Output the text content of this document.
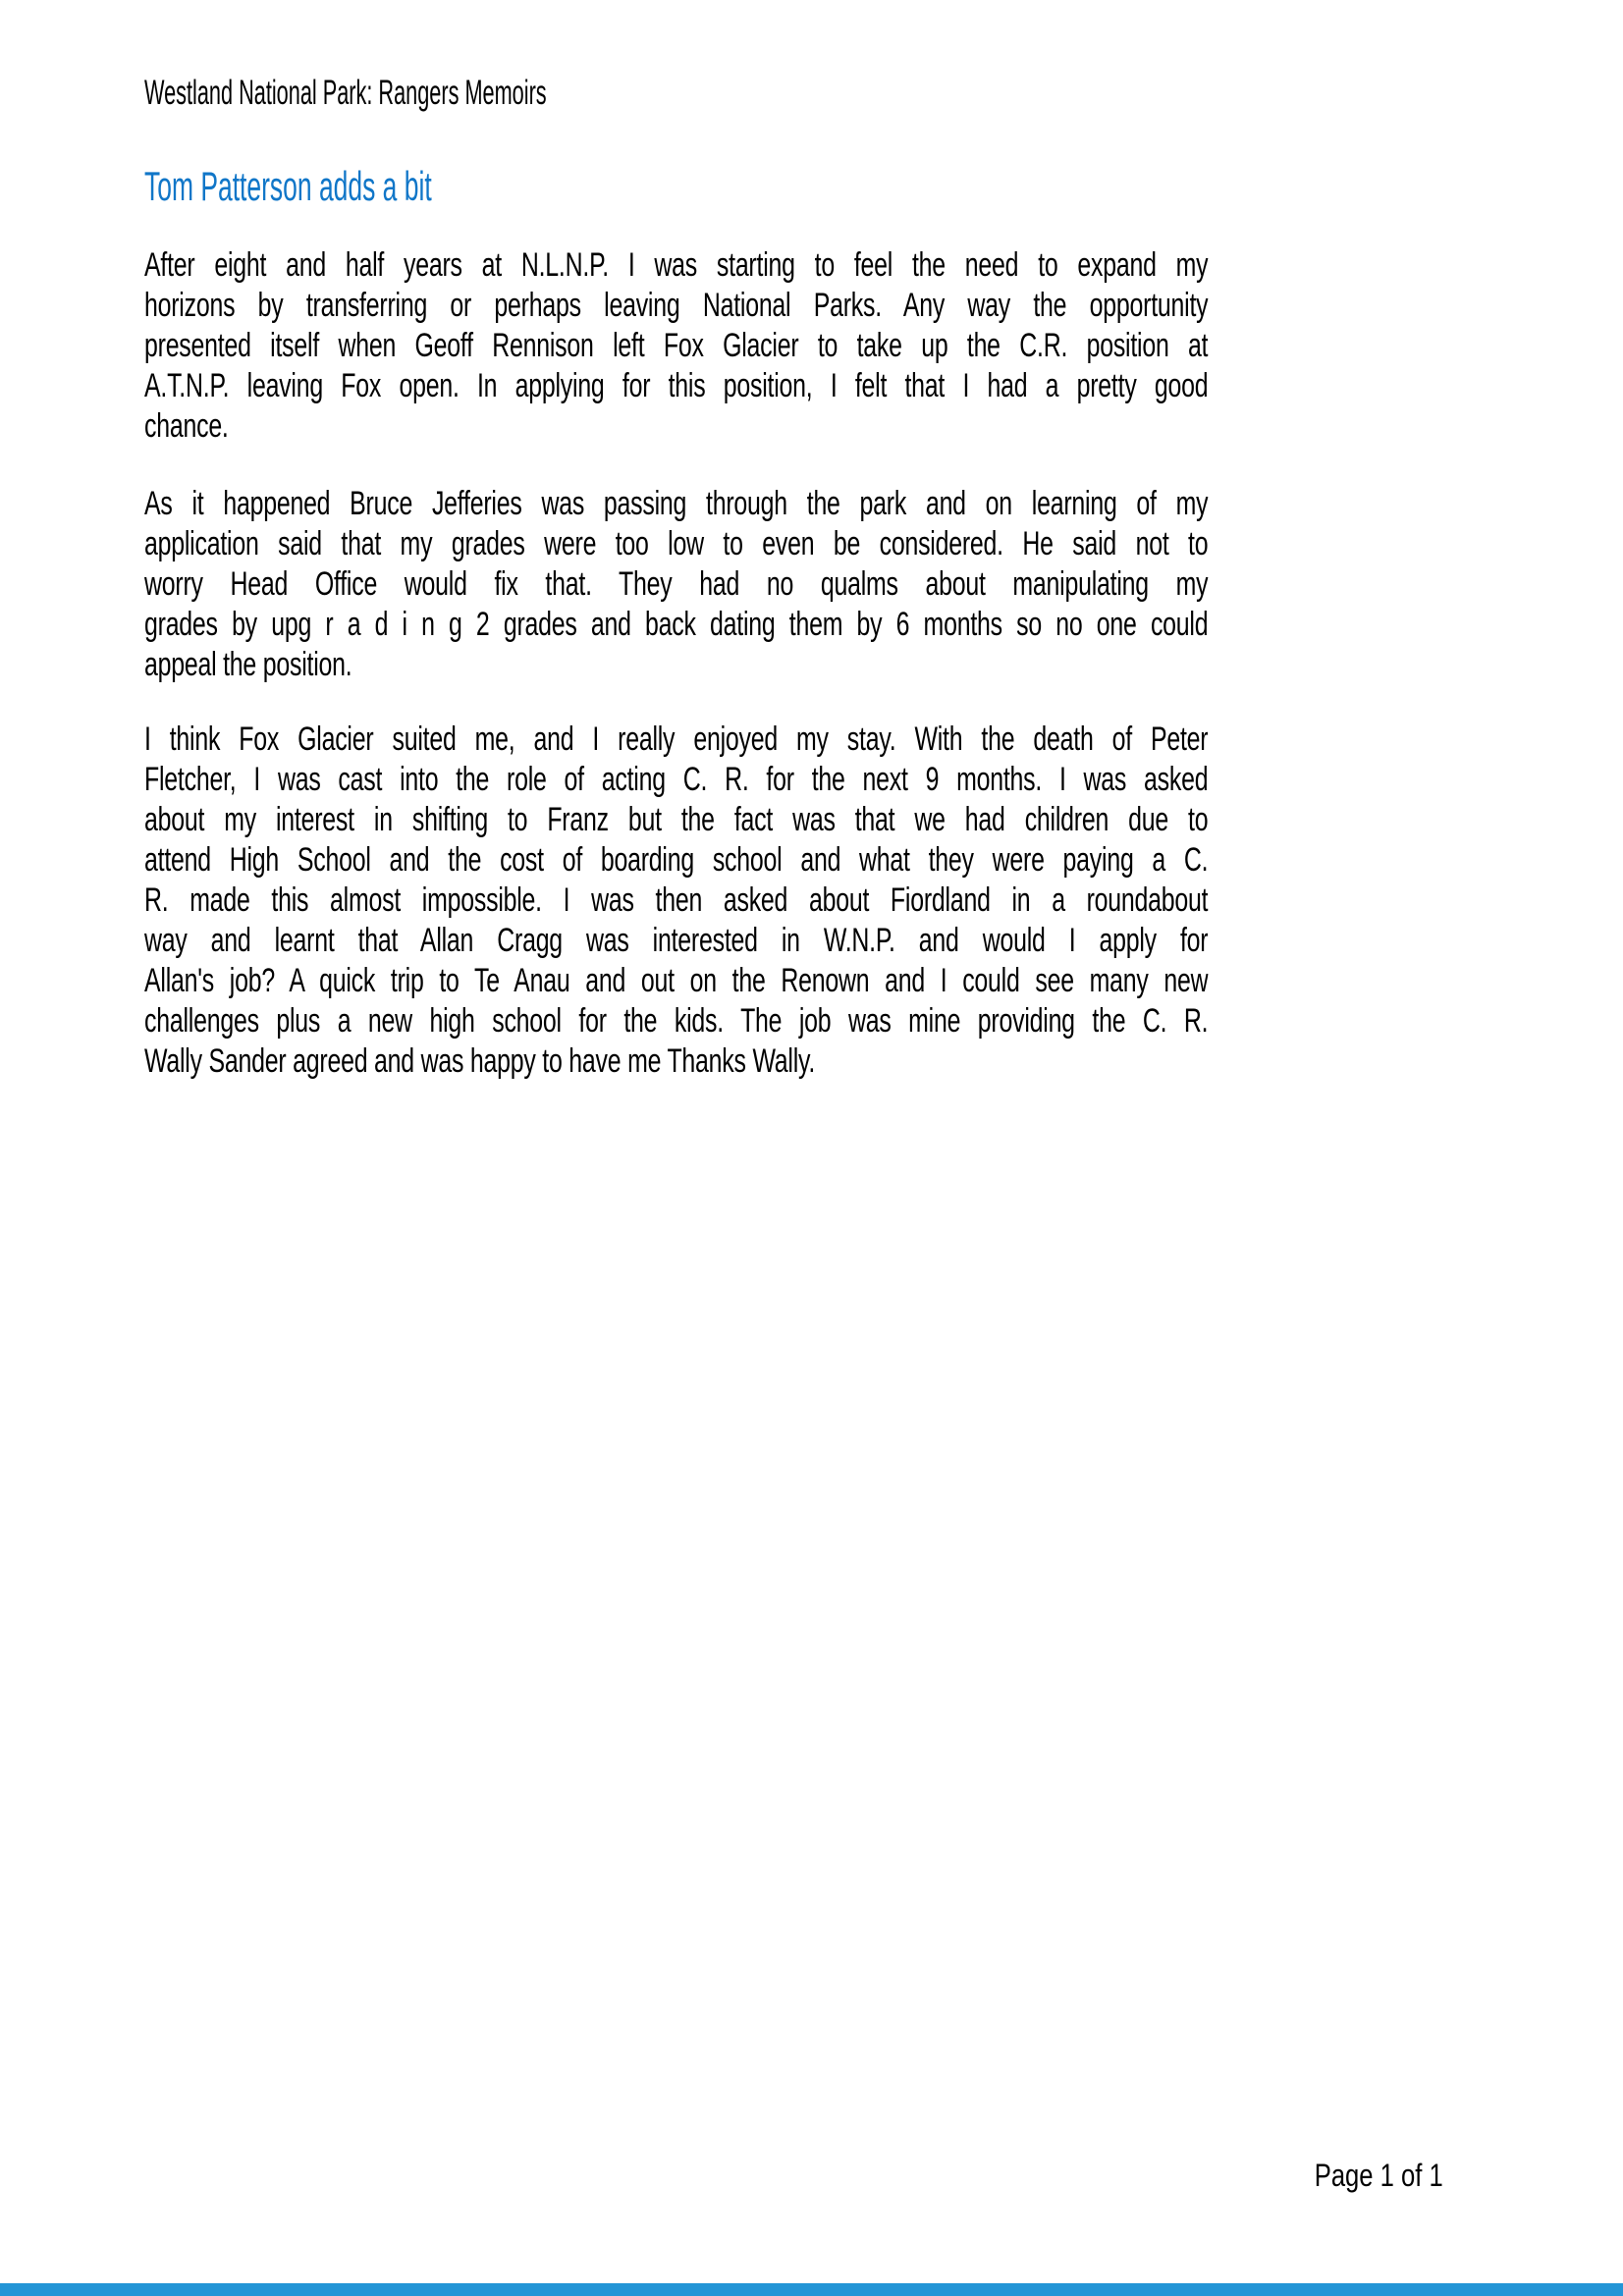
Westland National Park: Rangers Memoirs
Tom Patterson adds a bit
After eight and half years at N.L.N.P. I was starting to feel the need to expand my
horizons by transferring or perhaps leaving National Parks. Any way the opportunity
presented itself when Geoff Rennison left Fox Glacier to take up the C.R. position at
A.T.N.P. leaving Fox open. In applying for this position, I felt that I had a pretty good
chance.
As it happened Bruce Jefferies was passing through the park and on learning of my
application said that my grades were too low to even be considered. He said not to
worry Head Office would fix that. They had no qualms about manipulating my
grades by upg r a d i n g 2 grades and back dating them by 6 months so no one could
appeal the position.
I think Fox Glacier suited me, and I really enjoyed my stay. With the death of Peter
Fletcher, I was cast into the role of acting C. R. for the next 9 months. I was asked
about my interest in shifting to Franz but the fact was that we had children due to
attend High School and the cost of boarding school and what they were paying a C.
R. made this almost impossible. I was then asked about Fiordland in a roundabout
way and learnt that Allan Cragg was interested in W.N.P. and would I apply for
Allan's job? A quick trip to Te Anau and out on the Renown and I could see many new
challenges plus a new high school for the kids. The job was mine providing the C. R.
Wally Sander agreed and was happy to have me Thanks Wally.
Page 1 of 1
